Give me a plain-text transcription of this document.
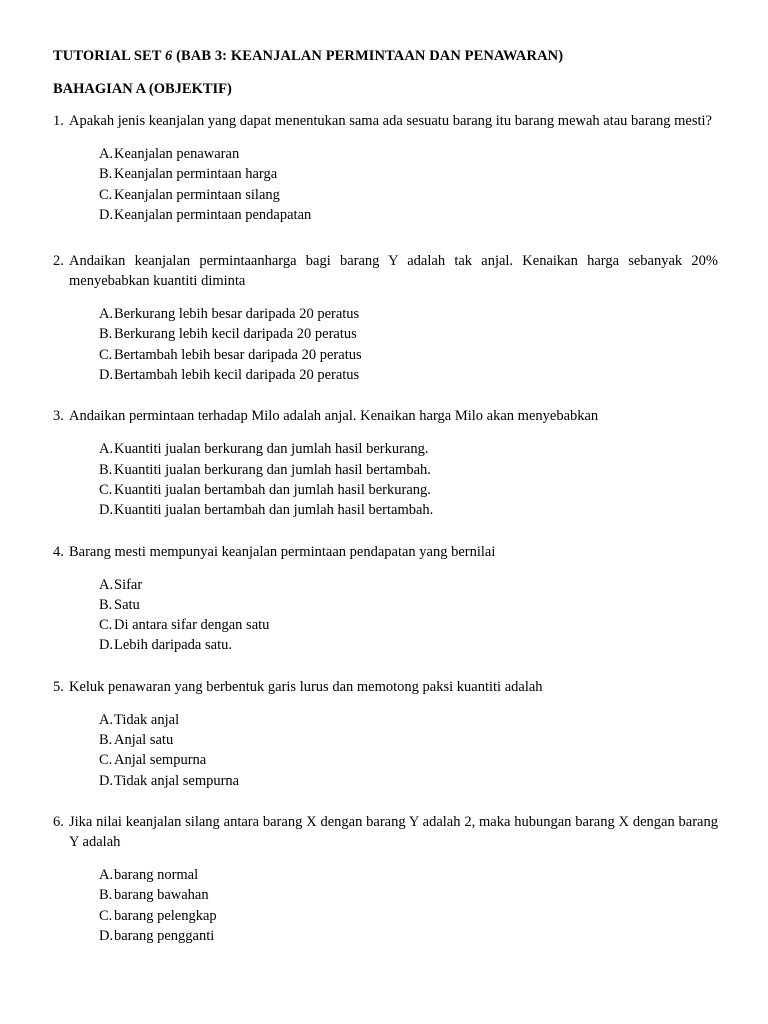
TUTORIAL SET 6 (BAB 3: KEANJALAN PERMINTAAN DAN PENAWARAN)
BAHAGIAN A (OBJEKTIF)
1. Apakah jenis keanjalan yang dapat menentukan sama ada sesuatu barang itu barang mewah atau barang mesti?
A.Keanjalan penawaran
B. Keanjalan permintaan harga
C. Keanjalan permintaan silang
D.Keanjalan permintaan pendapatan
2. Andaikan keanjalan permintaanharga bagi barang Y adalah tak anjal. Kenaikan harga sebanyak 20% menyebabkan kuantiti diminta
A.Berkurang lebih besar daripada 20 peratus
B. Berkurang lebih kecil daripada 20 peratus
C. Bertambah lebih besar daripada 20 peratus
D.Bertambah lebih kecil daripada 20 peratus
3. Andaikan permintaan terhadap Milo adalah anjal. Kenaikan harga Milo akan menyebabkan
A.Kuantiti jualan berkurang dan jumlah hasil berkurang.
B. Kuantiti jualan berkurang dan jumlah hasil bertambah.
C. Kuantiti jualan bertambah dan jumlah hasil berkurang.
D.Kuantiti jualan bertambah dan jumlah hasil bertambah.
4. Barang mesti mempunyai keanjalan permintaan pendapatan yang bernilai
A.Sifar
B. Satu
C. Di antara sifar dengan satu
D.Lebih daripada satu.
5. Keluk penawaran yang berbentuk garis lurus dan memotong paksi kuantiti adalah
A.Tidak anjal
B. Anjal satu
C. Anjal sempurna
D.Tidak anjal sempurna
6. Jika nilai keanjalan silang antara barang X dengan barang Y adalah 2, maka hubungan barang X dengan barang Y adalah
A.barang normal
B. barang bawahan
C. barang pelengkap
D.barang pengganti
